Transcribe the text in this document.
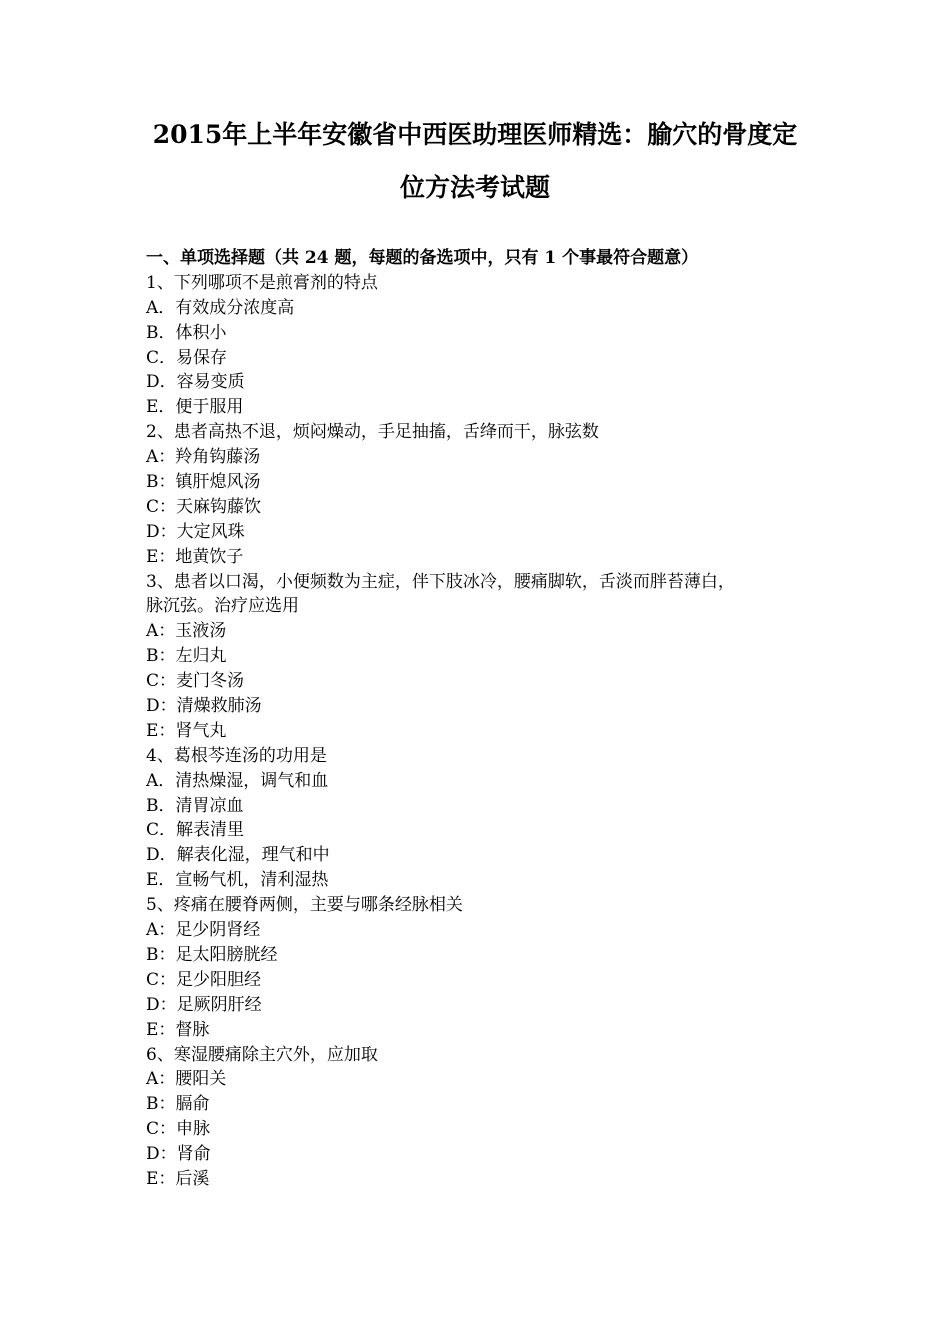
2015年上半年安徽省中西医助理医师精选：腧穴的骨度定
位方法考试题
一、单项选择题（共 24 题，每题的备选项中，只有 1 个事最符合题意）
1、下列哪项不是煎膏剂的特点
A．有效成分浓度高
B．体积小
C．易保存
D．容易变质
E．便于服用
2、患者高热不退，烦闷燥动，手足抽搐，舌绛而干，脉弦数
A：羚角钩藤汤
B：镇肝熄风汤
C：天麻钩藤饮
D：大定风珠
E：地黄饮子
3、患者以口渴，小便频数为主症，伴下肢冰冷，腰痛脚软，舌淡而胖苔薄白，
脉沉弦。治疗应选用
A：玉液汤
B：左归丸
C：麦门冬汤
D：清燥救肺汤
E：肾气丸
4、葛根芩连汤的功用是
A．清热燥湿，调气和血
B．清胃凉血
C．解表清里
D．解表化湿，理气和中
E．宣畅气机，清利湿热
5、疼痛在腰脊两侧，主要与哪条经脉相关
A：足少阴肾经
B：足太阳膀胱经
C：足少阳胆经
D：足厥阴肝经
E：督脉
6、寒湿腰痛除主穴外，应加取
A：腰阳关
B：膈俞
C：申脉
D：肾俞
E：后溪
